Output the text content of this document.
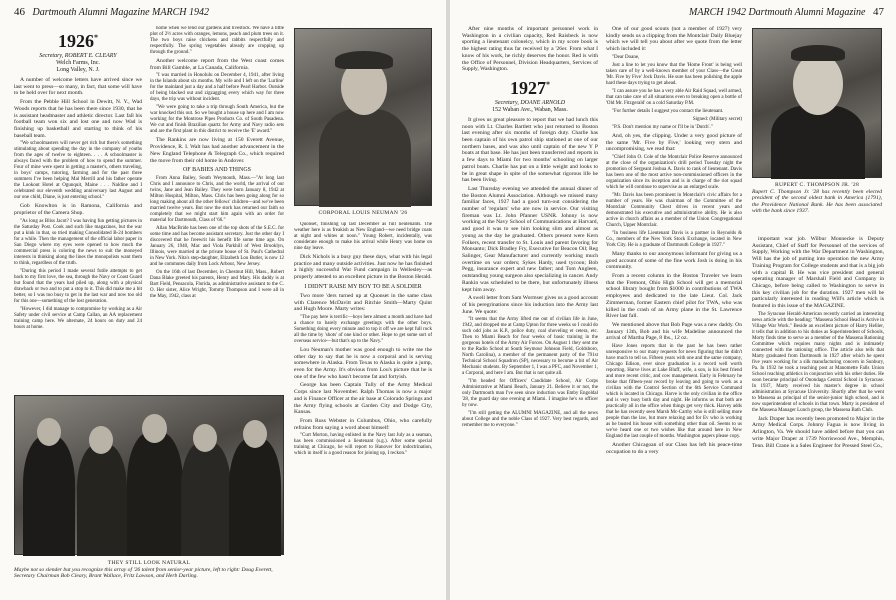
46 Dartmouth Alumni Magazine MARCH 1942

1926*

Secretary, ROBERT E. CLEARY

Welch Farms, Inc.

Long Valley, N. J.

A number of welcome letters have arrived since we last went to press—so many, in fact, that some will have to be held over for next month.

From the Pebble Hill School in Dewitt, N. Y., Wad Woods reports that he has been there since 1930, that he is assistant headmaster and athletic director. Last fall his football team won six and lost one and now Wad is finishing up basketball and starting to think of his baseball team.

"We schoolmasters will never get rich but there's something stimulating about spending the day in the company of youths from the ages of twelve to eighteen. . . . A schoolmaster is always faced with the problem of how to spend the summer. Four of mine were spent in getting a master's, others traveling, in boys' camps, tutoring, farming and for the past three summers I've been helping Mal Merrill and his father operate the Lookout Hotel at Ogunquit, Maine . . . Naldine and I celebrated our eleventh wedding anniversary last August and our one child, Diane, is just entering school."

Gob Knowlton is in Ramona, California and proprietor of the Camera Shop.

"As long as Bliss Jacot? I was having fun getting pictures in the Saturday Post. Cook and such like magazines, but the war put a kink in that, so tried making Consolidated B-24 bombers for a while. Then the management of the official labor paper in San Diego where my eyes were opened to how much the commercial press is coloring the news to suit the moneyed interests in thinking along the lines the monopolists want them to think, regardless of the truth.

"During this period I made several futile attempts to get back to my first love, the sea, through the Navy or Coast Guard but found that the years had piled up, along with a physical drawback or two and to put a stop to it. This did make me a bit better, so I was too busy to get in the last war and now too old for this one—something of the lost generation.

"However, I did manage to compromise by working as a Air Safety under civil service at Camp Callan, an AA replacement training camp here. We alternate, 24 hours on duty and 24 hours at home.

home when we tend our gardens and livestock. We have a little plot of 2½ acres with oranges, lemons, peach and plum trees on it. The two boys raise chickens and rabbits respectfully and respectfully. The spring vegetables already are cropping up through the ground."

Another welcome report from the West coast comes from Bill Gamble, at La Canada, California.

"I was married in Honolulu on December 4, 1941, after living in the Islands about six months. My wife and I left on the 'Lurline' for the mainland just a day and a half before Pearl Harbor. Outside of being blacked out and zigzagging every which way for three days, the trip was without incident.

"We were going to take a trip through South America, but the war knocked this out. So we bought a house up here and I am now working for the Montrose Pipes Products Co. of South Pasadena. We cut and finish Brazilian quartz for Army and Navy radio sets and are the first plant in this district to receive the 'E' award."

The Rankins are now living at 150 Everett Avenue, Providence, R. I. Walt has had another advancement in the New England Telephone & Telegraph Co., which required the move from their old home in Andover.

OF BABIES AND THINGS

From Anna Bailey, South Weymouth, Mass.—"At long last Chris and I announce to Chris, and the world, the arrival of our twins, Jane and Jean Bailey. They were born January 8, 1942 at Milton Hospital, Milton, Mass. Chris has been going along for so long making about all the other fellows' children—and we've been married twelve years. But now the stork has returned our faith so completely that we might start him again with an order for material for Dartmouth, Class of '66."

Allan MacBride has been one of the top shots of the S.E.C. for some time and has become assistant secretary. Just the other day I discovered that he freewrit his benefit life some time ago. On January 26, 1940, Mac and Viola Parkhill of West Brooklyn, Illinois, were married at the private house of St. Paul's Cathedral in New York. Nita's step-daughter, Elizabeth Lou Butler, is now 12 and he commutes daily from Lock Arbour, New Jersey.

On the 16th of last December, in Chestnut Hill, Mass., Robert Dana Blake greeted his parents, Henry and Mary. His daddy is at Bart Field, Pensacola, Florida, as administrative assistant to the C. O. Her sister, Alice Wright, Tommy Thompson and I were all in the May, 1942, class at

THEY STILL LOOK NATURAL
Maybe not so slender but you recognize this array of '26 talent from senior-year picture, left to right: Doug Everett, Secretary Chairman Bob Cleary, Brant Wallace, Fritz Lawson, and Herb Darling.
CORPORAL LOUIS NEUMAN '26

Quonset, finishing up last December as full lieutenants. The weather here is as freakish as New England—we need bridge coats at night and whites at noon." Young Robert, incidentally, was considerate enough to make his arrival while Henry was home on nine day leave.

Dick Nichols is a busy guy these days, what with his legal practice and many outside activities. Just now he has finished a highly successful War Fund campaign in Wellesley—as properly attested to an excellent picture in the Boston Herald.

I DIDN'T RAISE MY BOY TO BE A SOLDIER

Two more 'ders turned up at Quonset in the same class with Clarence McDavitt and Ritchie Smith—Marty Quint and Hugh Moore. Marty writes:

"The pay here is terrific—boys here almost a month and have had a chance to barely exchange greetings with the other boys. Something doing every minute and to top it off we are kept full rock all the time by 'shots' of one kind or other. Hope to get some sort of overseas service—but that's up to the Navy."

Lou Neuman's mother was good enough to write me the other day to say that he is now a corporal and is serving somewhere in Alaska. From Texas to Alaska is quite a jump, even for the Army. It's obvious from Lou's picture that he is one of the few who hasn't become fat and fortyish.

George has been Captain Tully of the Army Medical Corps since last November. Ralph Thomas is now a major and is Finance Officer at the air base at Colorado Springs and the Army flying schools at Garden City and Dodge City, Kansas.

From Russ Webster in Columbus, Ohio, who carefully refrains from saying a word about himself:

"Curt Morton, having enlisted in the Navy last July as a seaman, has been commissioned a lieutenant (s.g.). After some special training at Chicago, he will report to Hanover for indoctrination, which in itself is a good reason for joining up, I reckon."

MARCH 1942 Dartmouth Alumni Magazine 47

After nine months of important personnel work in Washington in a civilian capacity, Red Raisbeck is now sporting a lieutenant colonelcy, which in my score book is the highest rating thus far received by a '26er. From what I know of his work, he richly deserves the honor. Red is with the Office of Personnel, Division Headquarters, Services of Supply, Washington.

1927*

Secretary, DOANE ARNOLD

152 Waban Ave., Waban, Mass.

It gives us great pleasure to report that we had lunch this noon with Lt. Charles Bartlett who just returned to Boston last evening after six months of foreign duty. Charlie has been captain of his own patrol ship stationed at one of our northern bases, and was also until captain of the new Y P boats at that base. He has just been transferred and reports in a few days to Miami for two months' schooling on larger patrol boats. Charlie has put on a little weight and looks to be in great shape in spite of the somewhat rigorous life he has been living.

Last Thursday evening we attended the annual dinner of the Boston Alumni Association. Although we missed many familiar faces, 1927 had a good turn-out considering the number of 'regulars' who are now in service. Our visiting fireman was Lt. John Pfanner USNR. Johnny is now working at the Navy School of Communications at Harvard, and good it was to see him looking slim and almost as young as the day he graduated. Others present were Kern Folkers, recent transfer to St. Louis and parent favoring for Monsanto; Dick Bradley Fry, Executive for Beacon Oil; Reg Salinger, Gear Manufacturer and currently working much overtime on war orders; Sykes Hardy, used tycoon; Bob Pegg, insurance expert and new father; and Tom Angleen, outstanding young surgeon also specializing in cancer. Andy Rankin was scheduled to be there, but unfortunately illness kept him away.

A swell letter from Sam Wormser gives us a good account of his peregrinations since his induction into the Army last June. We quote:

"It seems that the Army lifted me out of civilian life in June, 1942, and dropped me at Camp Upton for three weeks so I could do such odd jobs as K.P., police duty, coal shoveling et cetera, etc. Then to Miami Beach for four weeks of basic training in the gorgeous hotels of the Army Air Forces. On August 1 they sent me to the Radio School at South Seymour Johnson Field, Goldsboro, North Carolina), a member of the permanent party of the 791st Technical School Squadron (SP), necessary to become a bit of Air Mechanic students. By September 1, I was a PFC, and November 1, a Corporal, and here I am. But that is not quite all.

"I'm headed for Officers' Candidate School, Air Corps Administrative at Miami Beach, January 21. Believe it or not, the only Dartmouth man I've seen since induction was Emby Engoldal '28, the guard day one evening at Miami. I imagine he's so officer by now.

"I'm still getting the ALUMNI MAGAZINE, and all the news about College and the noble Class of 1927. Very best regards, and remember me to everyone."

One of our good scouts (not a member of 1927) very kindly sends us a clipping from the Montclair Daily Bluejay which we will tell you about after we quote from the letter which included it:

"Dear Doane,

Just a line to let you know that the 'Home Front' is being well taken care of by a well-known member of your Class—the Great 'Mr. Five by Five' Jock Davis. He sure has been polishing the apple hard these days trying to get ahead.

"I can assure you he has a very able Air Raid Squad, well armed, that can take care of all situations even to breaking open a bottle of 'Old Mr. Fitzgerald' on a cold Saturday P.M.

"For further details I suggest you contact the lieutenant.

Signed: (Military secret)

"P.S. Don't mention my name or I'll be in 'Dutch'."

And, oh yes, the clipping. Under a very good picture of the same 'Mr. Five by Five,' looking very stern and uncompromising, we read that:

"Chief John O. Cole of the Montclair Police Reserve announced at the close of the organization's drill period Tuesday night the promotion of Sergeant Joshua A. Davis to rank of lieutenant. Davis has been one of the most active non-commissioned officers in the organization since its inception and is in charge of the riot squad which he will continue to supervise as an enlarged scale.

"Mr. Davis has been prominent in Montclair's civic affairs for a number of years. He was chairman of the Committee of the Montclair Community Chest drives in recent years and demonstrated his executive and administrative ability. He is also active in church affairs as a member of the Union Congregational Church, Upper Montclair.

"In business life Lieutenant Davis is a partner in Reynolds & Co., members of the New York Stock Exchange, located in New York City. He is a graduate of Dartmouth College in 1927."

Many thanks to our anonymous informant for giving us a good account of some of the fine work Josh is doing in his community.

From a recent column in the Boston Traveler we learn that the Fremont, Ohio High School will get a memorial school library bought from $1000 in contributions of TWA employees and dedicated to the late Lieut. Col. Jack Zimmerman, former Eastern chief pilot for TWA, who was killed in the crash of an Army plane in the St. Lawrence River last fall.

We mentioned above that Bob Page was a new daddy. On January 13th, Bob and his wife Madeline announced the arrival of Martha Page, 8 lbs., 12 oz.

Have Jones reports that in the past he has been rather unresponsive to our many requests for news figuring that he didn't have much to tell us. Fifteen years with one and the same company, Chicago Edison, ever since graduation is a record well worth reporting. Harve lives at Lake Bluff, wife, a son, is his best friend and more recent critic, and cow management. Early in February he broke that fifteen-year record by leaving and going to work as a civilian with the Control Section of the 6th Service Command which is located in Chicago. Harve is the only civilian in the office and is very busy both day and night. He informs us that both are practically all in the office when things get very thick. Harvey adds that he has recently seen Marsh Mc-Carthy who is still selling more people than the law, but more relaxing and for Ev who is working as he busted his house with something other than oil. Seems to us we've heard one or two wishes like that around here in New England the last couple of months. Washington papers please copy.

Another Chicagoan of our Class has left his peace-time occupation to do a very

RUPERT C. THOMPSON JR. '28
Rupert C. Thompson Jr. '28 has recently been elected president of the second oldest bank in America (1791), the Providence National Bank. He has been associated with the bank since 1937.

important war job. Wilbur Monnecke is Deputy Assistant, Chief of Staff for Personnel of the services of Supply, Working with the War Department in Washington, Will has the job of putting into operation the new Army Training Program for College students and that is a big job with a capital B. He was vice president and general operating manager of Marshall Field and Company in Chicago, before being called to Washington to serve in this key civilian job for the duration. 1927 men will be particularly interested in reading Will's article which is featured in this issue of the MAGAZINE.

The Syracuse Herald-American recently carried an interesting news article with the heading: "Massena School Head is Active in Village War Work." Beside an excellent picture of Harry Hellier, it tells that in addition to his duties as Superintendent of Schools, Morty finds time to serve as a member of the Massena Rationing Committee which requires many nights and is intimately connected with the rationing office. The article also tells that Marty graduated from Dartmouth in 1927 after which he spent five years working for a silk manufacturing concern in Sunbury, Pa. In 1932 he took a teaching post at Manomette Falls Union School reaching athletics in conjunction with his other duties. He soon became principal of Onondaga Central School in Syracuse. In 1937, Marty received his master's degree in school administration at Syracuse University. Shortly after that he went to Massena as principal of the senior-junior high school, and is now superintendent of schools in that town. Marty is president of the Massena Manager Lunch group, the Massena Bath Club.

Jack Draper has recently been promoted to Major in the Army Medical Corps. Johnny Fagua is now living in Arlington, Va. We should have added before that you can write Major Draper at 1739 Norriswood Ave., Memphis, Tenn. Bill Crane is a Sales Engineer for Pressed Steel Co.,
